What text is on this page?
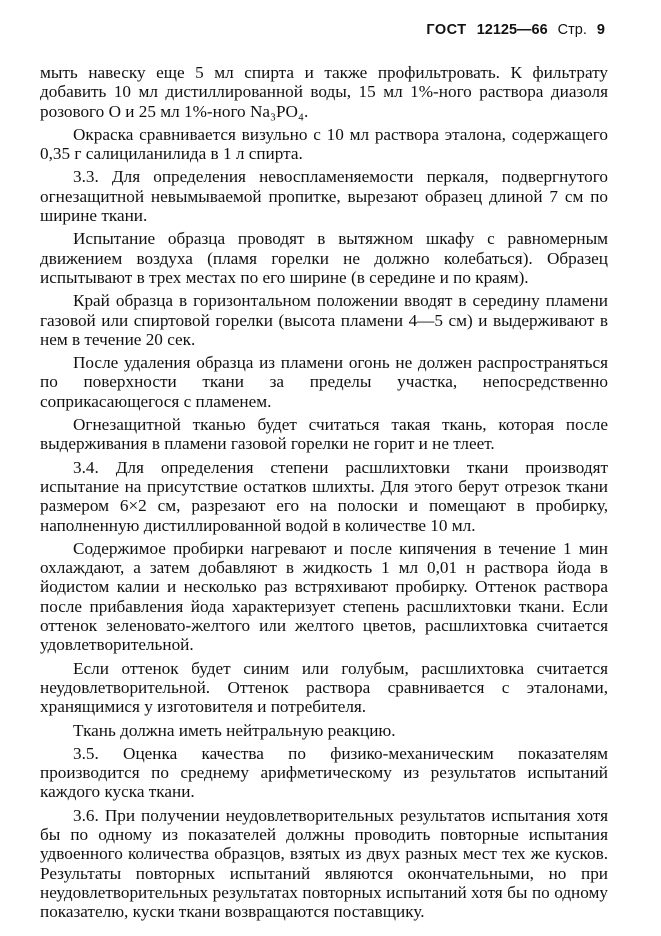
ГОСТ 12125—66 Стр. 9

мыть навеску еще 5 мл спирта и также профильтровать. К фильтрату добавить 10 мл дистиллированной воды, 15 мл 1%-ного раствора диазоля розового О и 25 мл 1%-ного Na₃PO₄.

Окраска сравнивается визульно с 10 мл раствора эталона, содержащего 0,35 г салициланилида в 1 л спирта.

3.3. Для определения невоспламеняемости перкаля, подвергнутого огнезащитной невымываемой пропитке, вырезают образец длиной 7 см по ширине ткани.

Испытание образца проводят в вытяжном шкафу с равномерным движением воздуха (пламя горелки не должно колебаться). Образец испытывают в трех местах по его ширине (в середине и по краям).

Край образца в горизонтальном положении вводят в середину пламени газовой или спиртовой горелки (высота пламени 4—5 см) и выдерживают в нем в течение 20 сек.

После удаления образца из пламени огонь не должен распространяться по поверхности ткани за пределы участка, непосредственно соприкасающегося с пламенем.

Огнезащитной тканью будет считаться такая ткань, которая после выдерживания в пламени газовой горелки не горит и не тлеет.

3.4. Для определения степени расшлихтовки ткани производят испытание на присутствие остатков шлихты. Для этого берут отрезок ткани размером 6×2 см, разрезают его на полоски и помещают в пробирку, наполненную дистиллированной водой в количестве 10 мл.

Содержимое пробирки нагревают и после кипячения в течение 1 мин охлаждают, а затем добавляют в жидкость 1 мл 0,01 н раствора йода в йодистом калии и несколько раз встряхивают пробирку. Оттенок раствора после прибавления йода характеризует степень расшлихтовки ткани. Если оттенок зеленовато-желтого или желтого цветов, расшлихтовка считается удовлетворительной.

Если оттенок будет синим или голубым, расшлихтовка считается неудовлетворительной. Оттенок раствора сравнивается с эталонами, хранящимися у изготовителя и потребителя.

Ткань должна иметь нейтральную реакцию.

3.5. Оценка качества по физико-механическим показателям производится по среднему арифметическому из результатов испытаний каждого куска ткани.

3.6. При получении неудовлетворительных результатов испытания хотя бы по одному из показателей должны проводить повторные испытания удвоенного количества образцов, взятых из двух разных мест тех же кусков. Результаты повторных испытаний являются окончательными, но при неудовлетворительных результатах повторных испытаний хотя бы по одному показателю, куски ткани возвращаются поставщику.
